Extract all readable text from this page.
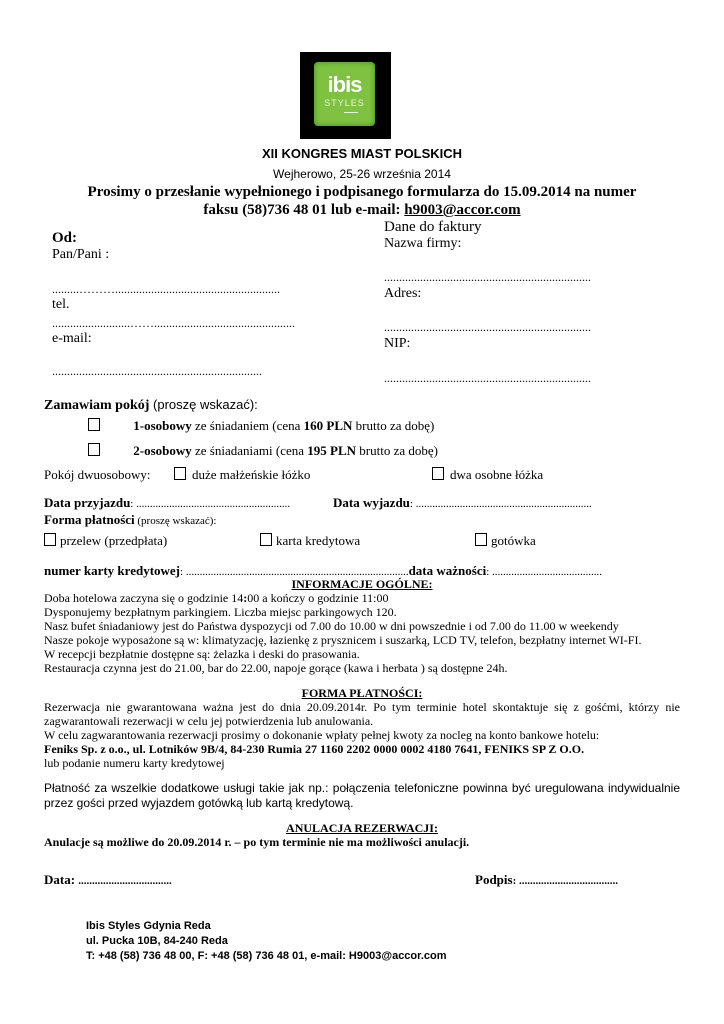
ibis
STYLES
XII KONGRES MIAST POLSKICH
Wejherowo, 25-26 września 2014
Prosimy o przesłanie wypełnionego i podpisanego formularza do 15.09.2014 na numer
faksu (58)736 48 01 lub e-mail: h9003@accor.com
Od:
Pan/Pani :
.........……….......................................................
tel.
..........................……...............................................
e-mail:
......................................................................
Dane do faktury
Nazwa firmy:
.....................................................................
Adres:
.....................................................................
NIP:
.....................................................................
Zamawiam pokój (proszę wskazać):
1-osobowy ze śniadaniem (cena 160 PLN brutto za dobę)
2-osobowy ze śniadaniami (cena 195 PLN brutto za dobę)
Pokój dwuosobowy:	duże małżeńskie łóżko	dwa osobne łóżka
Data przyjazdu: ........................................................	Data wyjazdu: ................................................................
Forma płatności (proszę wskazać):
przelew (przedpłata)	karta kredytowa	gotówka
numer karty kredytowej: .................................................................................data ważności: ........................................
INFORMACJE OGÓLNE:
Doba hotelowa zaczyna się o godzinie 14:00 a kończy o godzinie 11:00
Dysponujemy bezpłatnym parkingiem. Liczba miejsc parkingowych 120.
Nasz bufet śniadaniowy jest do Państwa dyspozycji od 7.00 do 10.00 w dni powszednie i od 7.00 do 11.00 w weekendy
Nasze pokoje wyposażone są w: klimatyzację, łazienkę z prysznicem i suszarką, LCD TV, telefon, bezpłatny internet WI-FI.
W recepcji bezpłatnie dostępne są: żelazka i deski do prasowania.
Restauracja czynna jest do 21.00, bar do 22.00, napoje gorące (kawa i herbata ) są dostępne 24h.
FORMA PŁATNOŚCI:
Rezerwacja nie gwarantowana ważna jest do dnia 20.09.2014r. Po tym terminie hotel skontaktuje się z gośćmi, którzy nie zagwarantowali rezerwacji w celu jej potwierdzenia lub anulowania.
W celu zagwarantowania rezerwacji prosimy o dokonanie wpłaty pełnej kwoty za nocleg na konto bankowe hotelu:
Feniks Sp. z o.o., ul. Lotników 9B/4, 84-230 Rumia 27 1160 2202 0000 0002 4180 7641, FENIKS SP Z O.O.
lub podanie numeru karty kredytowej
Płatność za wszelkie dodatkowe usługi takie jak np.: połączenia telefoniczne powinna być uregulowana indywidualnie przez gości przed wyjazdem gotówką lub kartą kredytową.
ANULACJA REZERWACJI:
Anulacje są możliwe do 20.09.2014 r. – po tym terminie nie ma możliwości anulacji.
Data: ..................................	Podpis: ....................................
Ibis Styles Gdynia Reda
ul. Pucka 10B, 84-240 Reda
T: +48 (58) 736 48 00, F: +48 (58) 736 48 01, e-mail: H9003@accor.com
